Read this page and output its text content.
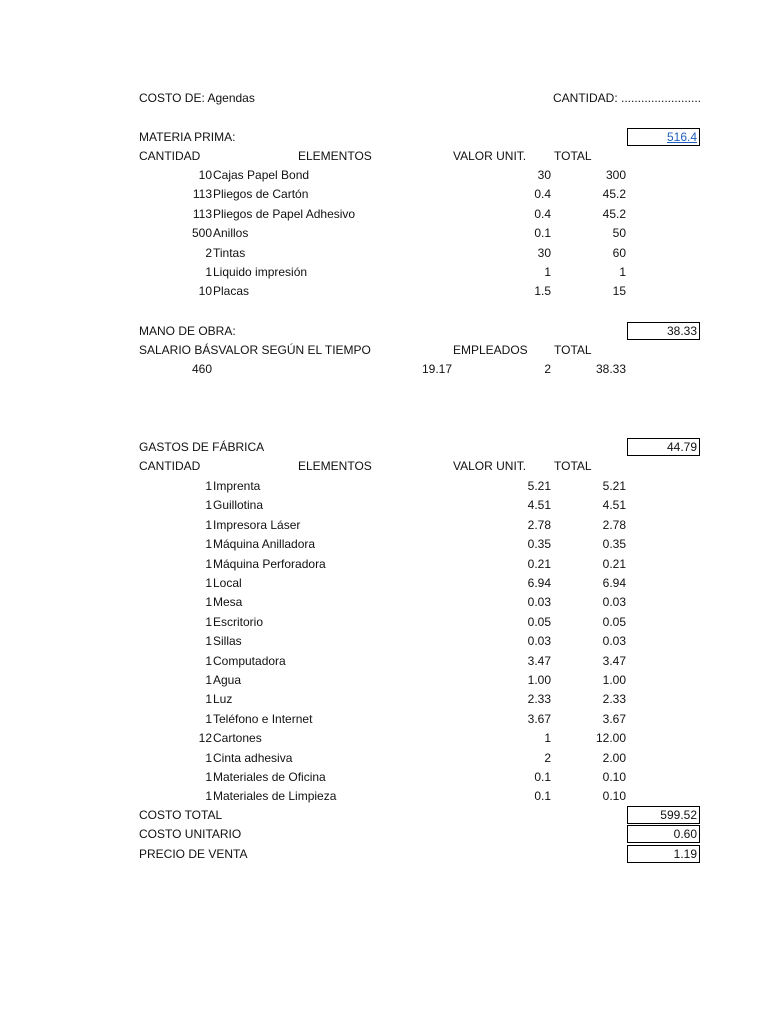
COSTO DE: Agendas	CANTIDAD: ........................
MATERIA PRIMA:	516.4
CANTIDAD	ELEMENTOS	VALOR UNIT. TOTAL
10 Cajas Papel Bond	30	300
113 Pliegos de Cartón	0.4	45.2
113 Pliegos de Papel Adhesivo	0.4	45.2
500 Anillos	0.1	50
2 Tintas	30	60
1 Liquido impresión	1	1
10 Placas	1.5	15
MANO DE OBRA:	38.33
SALARIO BÁSVALOR SEGÚN EL TIEMPO	EMPLEADOS TOTAL
460	19.17	2	38.33
GASTOS DE FÁBRICA	44.79
CANTIDAD	ELEMENTOS	VALOR UNIT. TOTAL
1 Imprenta	5.21	5.21
1 Guillotina	4.51	4.51
1 Impresora Láser	2.78	2.78
1 Máquina Anilladora	0.35	0.35
1 Máquina Perforadora	0.21	0.21
1 Local	6.94	6.94
1 Mesa	0.03	0.03
1 Escritorio	0.05	0.05
1 Sillas	0.03	0.03
1 Computadora	3.47	3.47
1 Agua	1.00	1.00
1 Luz	2.33	2.33
1 Teléfono e Internet	3.67	3.67
12 Cartones	1	12.00
1 Cinta adhesiva	2	2.00
1 Materiales de Oficina	0.1	0.10
1 Materiales de Limpieza	0.1	0.10
COSTO TOTAL	599.52
COSTO UNITARIO	0.60
PRECIO DE VENTA	1.19
